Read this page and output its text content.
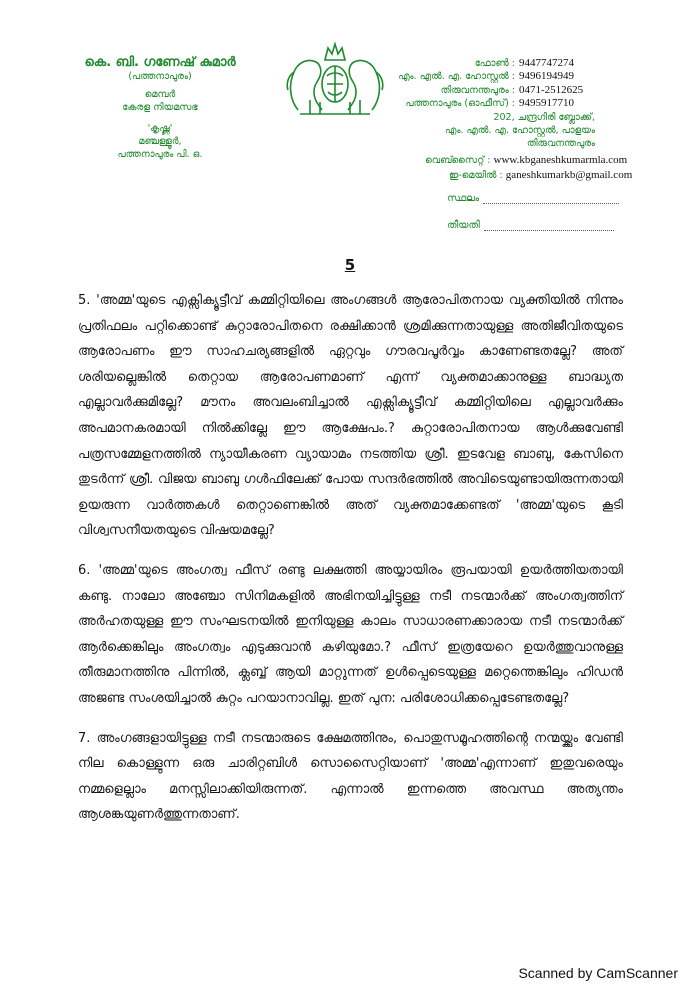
കെ. ബി. ഗണേഷ് കുമാർ
(പത്തനാപുരം)
മെമ്പർ
കേരള നിയമസഭ
'കൃഷ്ണ'
മഞ്ചള്ളൂർ,
പത്തനാപുരം പി. ഒ.
ഫോൺ : 9447747274
എം. എൽ. എ. ഹോസ്റ്റൽ : 9496194949
തിരുവനന്തപുരം : 0471-2512625
പത്തനാപുരം (ഓഫീസ്) : 9495917710
202, ചന്ദ്രഗിരി ബ്ലോക്ക്,
എം. എൽ. എ. ഹോസ്റ്റൽ, പാളയം
തിരുവനന്തപുരം
വെബ്സൈറ്റ് : www.kbganeshkumarmla.com
ഇ-മെയിൽ : ganeshkumarkb@gmail.com
സ്ഥലം
തീയതി
5

5. 'അമ്മ'യുടെ എക്സിക്യൂട്ടീവ് കമ്മിറ്റിയിലെ അംഗങ്ങൾ ആരോപിതനായ വ്യക്തിയിൽ നിന്നും പ്രതിഫലം പറ്റിക്കൊണ്ട് കുറ്റാരോപിതനെ രക്ഷിക്കാൻ ശ്രമിക്കുന്നതായുള്ള അതിജീവിതയുടെ ആരോപണം ഈ സാഹചര്യങ്ങളിൽ ഏറ്റവും ഗൗരവപൂർവ്വം കാണേണ്ടതല്ലേ? അത് ശരിയല്ലെങ്കിൽ തെറ്റായ ആരോപണമാണ് എന്ന് വ്യക്തമാക്കാനുള്ള ബാദ്ധ്യത എല്ലാവർക്കുമില്ലേ? മൗനം അവലംബിച്ചാൽ എക്സിക്യൂട്ടീവ് കമ്മിറ്റിയിലെ എല്ലാവർക്കും അപമാനകരമായി നിൽക്കില്ലേ ഈ ആക്ഷേപം.? കുറ്റാരോപിതനായ ആൾക്കുവേണ്ടി പത്രസമ്മേളനത്തിൽ ന്യായീകരണ വ്യായാമം നടത്തിയ ശ്രീ. ഇടവേള ബാബു, കേസിനെ തുടർന്ന് ശ്രീ. വിജയ ബാബു ഗൾഫിലേക്ക് പോയ സന്ദർഭത്തിൽ അവിടെയുണ്ടായിരുന്നതായി ഉയരുന്ന വാർത്തകൾ തെറ്റാണെങ്കിൽ അത് വ്യക്തമാക്കേണ്ടത് 'അമ്മ'യുടെ കൂടി വിശ്വസനീയതയുടെ വിഷയമല്ലേ?

6. 'അമ്മ'യുടെ അംഗത്വ ഫീസ് രണ്ടു ലക്ഷത്തി അയ്യായിരം രൂപയായി ഉയർത്തിയതായി കണ്ടു. നാലോ അഞ്ചോ സിനിമകളിൽ അഭിനയിച്ചിട്ടുള്ള നടീ നടന്മാർക്ക് അംഗത്വത്തിന് അർഹതയുള്ള ഈ സംഘടനയിൽ ഇനിയുള്ള കാലം സാധാരണക്കാരായ നടീ നടന്മാർക്ക് ആർക്കെങ്കിലും അംഗത്വം എടുക്കുവാൻ കഴിയുമോ.? ഫീസ് ഇത്രയേറെ ഉയർത്തുവാനുള്ള തീരുമാനത്തിനു പിന്നിൽ, ക്ലബ്ബ് ആയി മാറ്റുന്നത് ഉൾപ്പെടെയുള്ള മറ്റെന്തെങ്കിലും ഹിഡൻ അജണ്ട സംശയിച്ചാൽ കുറ്റം പറയാനാവില്ല. ഇത് പുന: പരിശോധിക്കപ്പെടേണ്ടതല്ലേ?

7. അംഗങ്ങളായിട്ടുള്ള നടീ നടന്മാരുടെ ക്ഷേമത്തിനും, പൊതുസമൂഹത്തിന്റെ നന്മയ്ക്കും വേണ്ടി നില കൊള്ളുന്ന ഒരു ചാരിറ്റബിൾ സൊസൈറ്റിയാണ് 'അമ്മ'എന്നാണ് ഇതുവരെയും നമ്മളെല്ലാം മനസ്സിലാക്കിയിരുന്നത്. എന്നാൽ ഇന്നത്തെ അവസ്ഥ അത്യന്തം ആശങ്കയുണർത്തുന്നതാണ്.

Scanned by CamScanner
